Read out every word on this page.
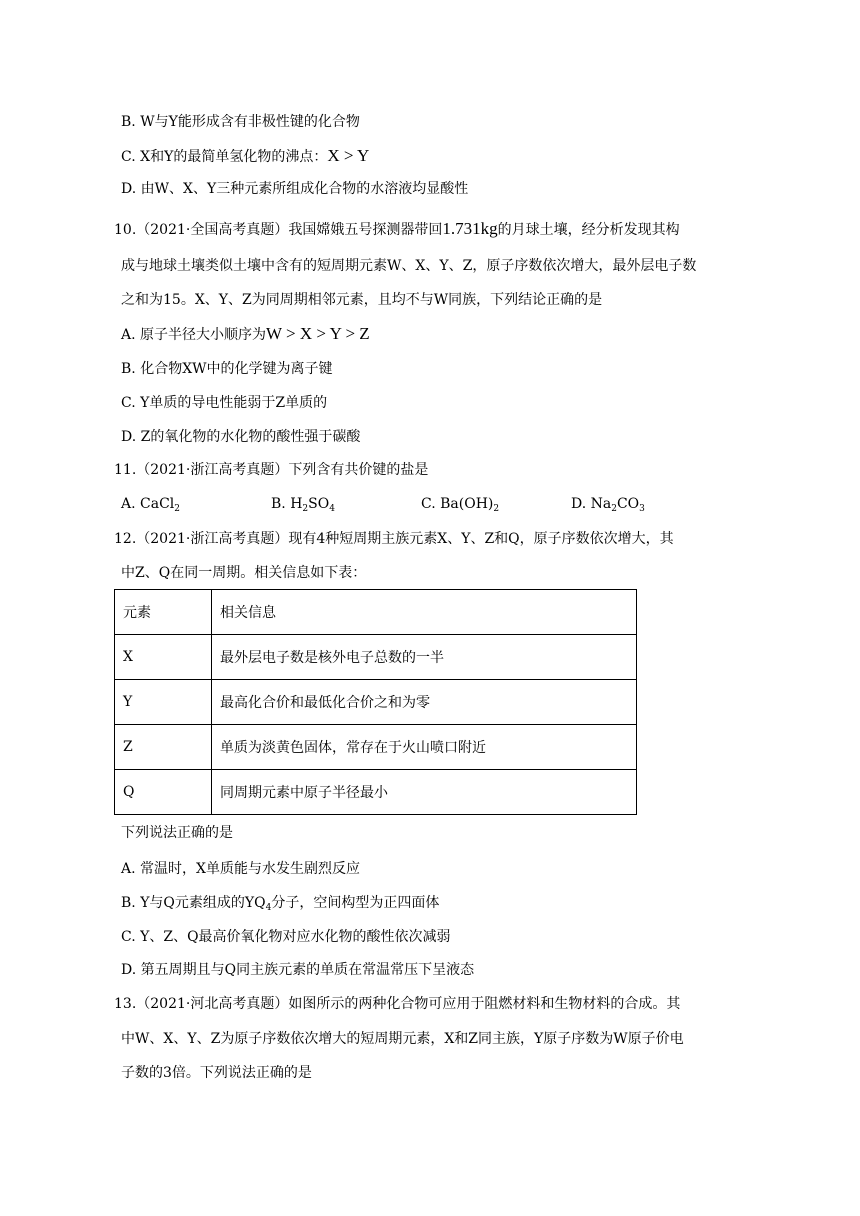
B. W与Y能形成含有非极性键的化合物
C. X和Y的最简单氢化物的沸点：X > Y
D. 由W、X、Y三种元素所组成化合物的水溶液均显酸性
10.（2021·全国高考真题）我国嫦娥五号探测器带回1.731kg的月球土壤，经分析发现其构
成与地球土壤类似土壤中含有的短周期元素W、X、Y、Z，原子序数依次增大，最外层电子数
之和为15。X、Y、Z为同周期相邻元素，且均不与W同族，下列结论正确的是
A. 原子半径大小顺序为W > X > Y > Z
B. 化合物XW中的化学键为离子键
C. Y单质的导电性能弱于Z单质的
D. Z的氧化物的水化物的酸性强于碳酸
11.（2021·浙江高考真题）下列含有共价键的盐是
A. CaCl$_2$	B. $H_2SO_4$	C. $Ba(OH)_2$	D. $Na_2CO_3$
12.（2021·浙江高考真题）现有4种短周期主族元素X、Y、Z和Q，原子序数依次增大，其
中Z、Q在同一周期。相关信息如下表：
元素	相关信息
X	最外层电子数是核外电子总数的一半
Y	最高化合价和最低化合价之和为零
Z	单质为淡黄色固体，常存在于火山喷口附近
Q	同周期元素中原子半径最小
下列说法正确的是
A. 常温时，X单质能与水发生剧烈反应
B. Y与Q元素组成的$YQ_4$分子，空间构型为正四面体
C. Y、Z、Q最高价氧化物对应水化物的酸性依次减弱
D. 第五周期且与Q同主族元素的单质在常温常压下呈液态
13.（2021·河北高考真题）如图所示的两种化合物可应用于阻燃材料和生物材料的合成。其
中W、X、Y、Z为原子序数依次增大的短周期元素，X和Z同主族，Y原子序数为W原子价电
子数的3倍。下列说法正确的是
